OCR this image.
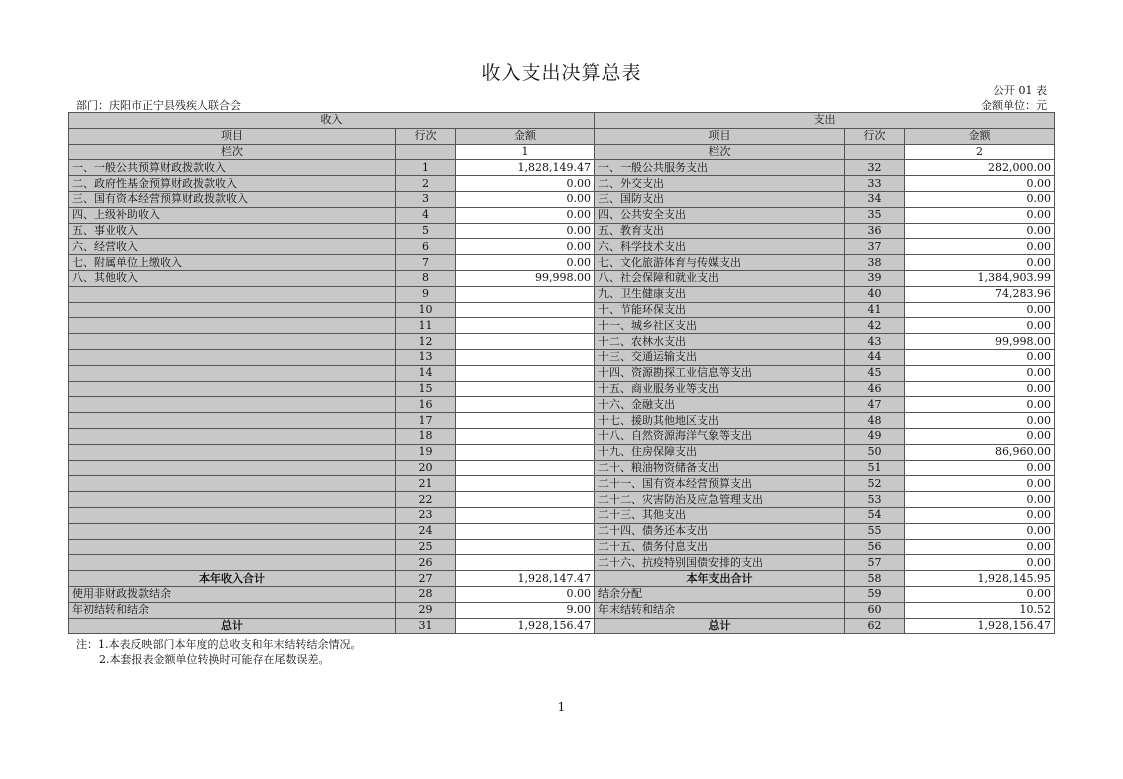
收入支出决算总表
公开 01 表
部门：庆阳市正宁县残疾人联合会	金额单位：元
收入			支出		
项目	行次	金额	项目	行次	金额
栏次		1	栏次		2
一、一般公共预算财政拨款收入	1	1,828,149.47	一、一般公共服务支出	32	282,000.00
二、政府性基金预算财政拨款收入	2	0.00	二、外交支出	33	0.00
三、国有资本经营预算财政拨款收入	3	0.00	三、国防支出	34	0.00
四、上级补助收入	4	0.00	四、公共安全支出	35	0.00
五、事业收入	5	0.00	五、教育支出	36	0.00
六、经营收入	6	0.00	六、科学技术支出	37	0.00
七、附属单位上缴收入	7	0.00	七、文化旅游体育与传媒支出	38	0.00
八、其他收入	8	99,998.00	八、社会保障和就业支出	39	1,384,903.99
	9		九、卫生健康支出	40	74,283.96
	10		十、节能环保支出	41	0.00
	11		十一、城乡社区支出	42	0.00
	12		十二、农林水支出	43	99,998.00
	13		十三、交通运输支出	44	0.00
	14		十四、资源勘探工业信息等支出	45	0.00
	15		十五、商业服务业等支出	46	0.00
	16		十六、金融支出	47	0.00
	17		十七、援助其他地区支出	48	0.00
	18		十八、自然资源海洋气象等支出	49	0.00
	19		十九、住房保障支出	50	86,960.00
	20		二十、粮油物资储备支出	51	0.00
	21		二十一、国有资本经营预算支出	52	0.00
	22		二十二、灾害防治及应急管理支出	53	0.00
	23		二十三、其他支出	54	0.00
	24		二十四、债务还本支出	55	0.00
	25		二十五、债务付息支出	56	0.00
	26		二十六、抗疫特别国债安排的支出	57	0.00
本年收入合计	27	1,928,147.47	本年支出合计	58	1,928,145.95
使用非财政拨款结余	28	0.00	结余分配	59	0.00
年初结转和结余	29	9.00	年末结转和结余	60	10.52
总计	31	1,928,156.47	总计	62	1,928,156.47
注：1.本表反映部门本年度的总收支和年末结转结余情况。
2.本套报表金额单位转换时可能存在尾数误差。
1
